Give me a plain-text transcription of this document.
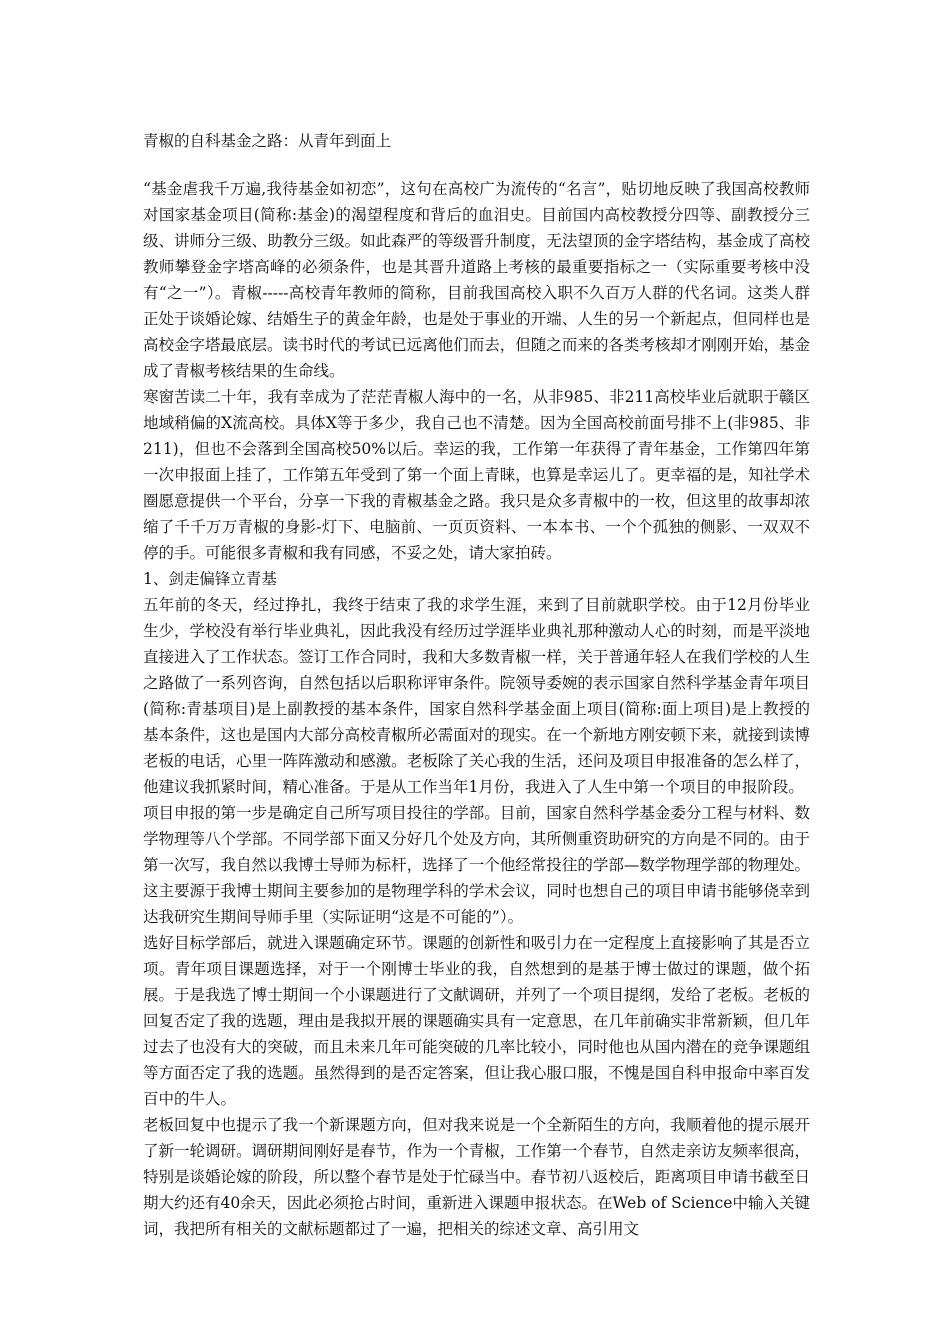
青椒的自科基金之路：从青年到面上

“基金虐我千万遍,我待基金如初恋”，这句在高校广为流传的“名言”，贴切地反映了我国高校教师对国家基金项目(简称:基金)的渴望程度和背后的血泪史。目前国内高校教授分四等、副教授分三级、讲师分三级、助教分三级。如此森严的等级晋升制度，无法望顶的金字塔结构，基金成了高校教师攀登金字塔高峰的必须条件，也是其晋升道路上考核的最重要指标之一（实际重要考核中没有“之一”）。青椒-----高校青年教师的简称，目前我国高校入职不久百万人群的代名词。这类人群正处于谈婚论嫁、结婚生子的黄金年龄，也是处于事业的开端、人生的另一个新起点，但同样也是高校金字塔最底层。读书时代的考试已远离他们而去，但随之而来的各类考核却才刚刚开始，基金成了青椒考核结果的生命线。

寒窗苦读二十年，我有幸成为了茫茫青椒人海中的一名，从非985、非211高校毕业后就职于赣区地域稍偏的X流高校。具体X等于多少，我自己也不清楚。因为全国高校前面号排不上(非985、非211)，但也不会落到全国高校50%以后。幸运的我，工作第一年获得了青年基金，工作第四年第一次申报面上挂了，工作第五年受到了第一个面上青睐，也算是幸运儿了。更幸福的是，知社学术圈愿意提供一个平台，分享一下我的青椒基金之路。我只是众多青椒中的一枚，但这里的故事却浓缩了千千万万青椒的身影-灯下、电脑前、一页页资料、一本本书、一个个孤独的侧影、一双双不停的手。可能很多青椒和我有同感，不妥之处，请大家拍砖。

1、剑走偏锋立青基

五年前的冬天，经过挣扎，我终于结束了我的求学生涯，来到了目前就职学校。由于12月份毕业生少，学校没有举行毕业典礼，因此我没有经历过学涯毕业典礼那种激动人心的时刻，而是平淡地直接进入了工作状态。签订工作合同时，我和大多数青椒一样，关于普通年轻人在我们学校的人生之路做了一系列咨询，自然包括以后职称评审条件。院领导委婉的表示国家自然科学基金青年项目(简称:青基项目)是上副教授的基本条件，国家自然科学基金面上项目(简称:面上项目)是上教授的基本条件，这也是国内大部分高校青椒所必需面对的现实。在一个新地方刚安顿下来，就接到读博老板的电话，心里一阵阵激动和感激。老板除了关心我的生活，还问及项目申报准备的怎么样了，他建议我抓紧时间，精心准备。于是从工作当年1月份，我进入了人生中第一个项目的申报阶段。

项目申报的第一步是确定自己所写项目投往的学部。目前，国家自然科学基金委分工程与材料、数学物理等八个学部。不同学部下面又分好几个处及方向，其所侧重资助研究的方向是不同的。由于第一次写，我自然以我博士导师为标杆，选择了一个他经常投往的学部—数学物理学部的物理处。这主要源于我博士期间主要参加的是物理学科的学术会议，同时也想自己的项目申请书能够侥幸到达我研究生期间导师手里（实际证明“这是不可能的”）。

选好目标学部后，就进入课题确定环节。课题的创新性和吸引力在一定程度上直接影响了其是否立项。青年项目课题选择，对于一个刚博士毕业的我，自然想到的是基于博士做过的课题，做个拓展。于是我选了博士期间一个小课题进行了文献调研，并列了一个项目提纲，发给了老板。老板的回复否定了我的选题，理由是我拟开展的课题确实具有一定意思，在几年前确实非常新颖，但几年过去了也没有大的突破，而且未来几年可能突破的几率比较小，同时他也从国内潜在的竞争课题组等方面否定了我的选题。虽然得到的是否定答案，但让我心服口服，不愧是国自科申报命中率百发百中的牛人。

老板回复中也提示了我一个新课题方向，但对我来说是一个全新陌生的方向，我顺着他的提示展开了新一轮调研。调研期间刚好是春节，作为一个青椒，工作第一个春节，自然走亲访友频率很高，特别是谈婚论嫁的阶段，所以整个春节是处于忙碌当中。春节初八返校后，距离项目申请书截至日期大约还有40余天，因此必须抢占时间，重新进入课题申报状态。在Web of Science中输入关键词，我把所有相关的文献标题都过了一遍，把相关的综述文章、高引用文
